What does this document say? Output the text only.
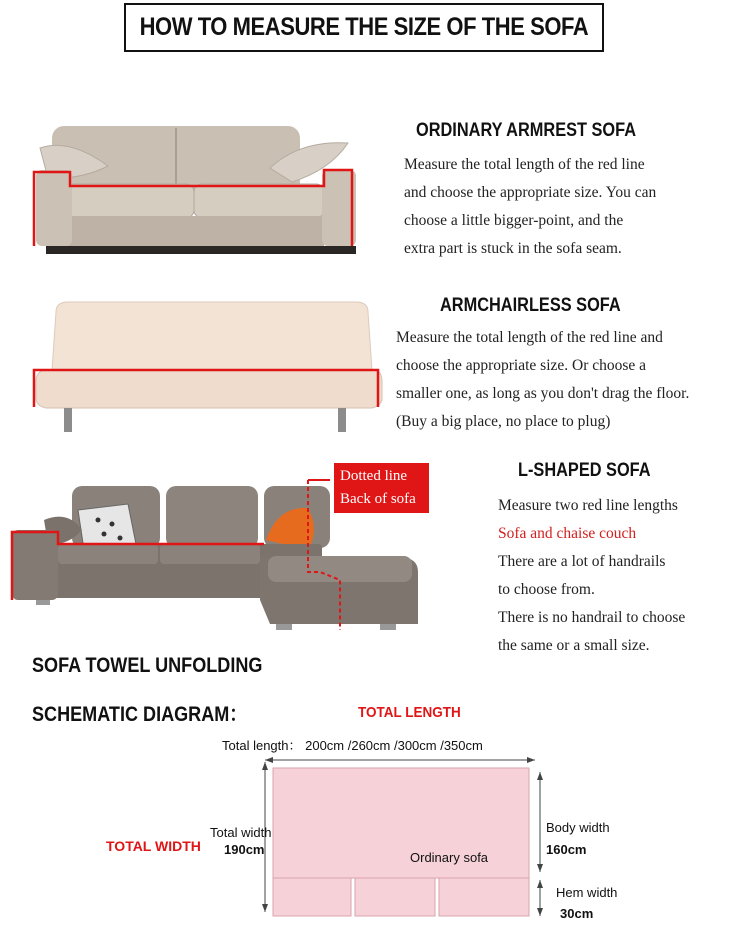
HOW TO MEASURE THE SIZE OF THE SOFA
ORDINARY ARMREST SOFA
Measure the total length of the red line
and choose the appropriate size. You can
choose a little bigger-point, and the
extra part is stuck in the sofa seam.
ARMCHAIRLESS SOFA
Measure the total length of the red line and
choose the appropriate size. Or choose a
smaller one, as long as you don't drag the floor.
(Buy a big place, no place to plug)
Dotted line
Back of sofa
L-SHAPED SOFA
Measure two red line lengths
Sofa and chaise couch
There are a lot of handrails
to choose from.
There is no handrail to choose
the same or a small size.
SOFA TOWEL UNFOLDING
SCHEMATIC DIAGRAM：	TOTAL LENGTH
Total length： 200cm /260cm /300cm /350cm
TOTAL WIDTH
Total width
190cm
Ordinary sofa
Body width
160cm
Hem width
30cm
